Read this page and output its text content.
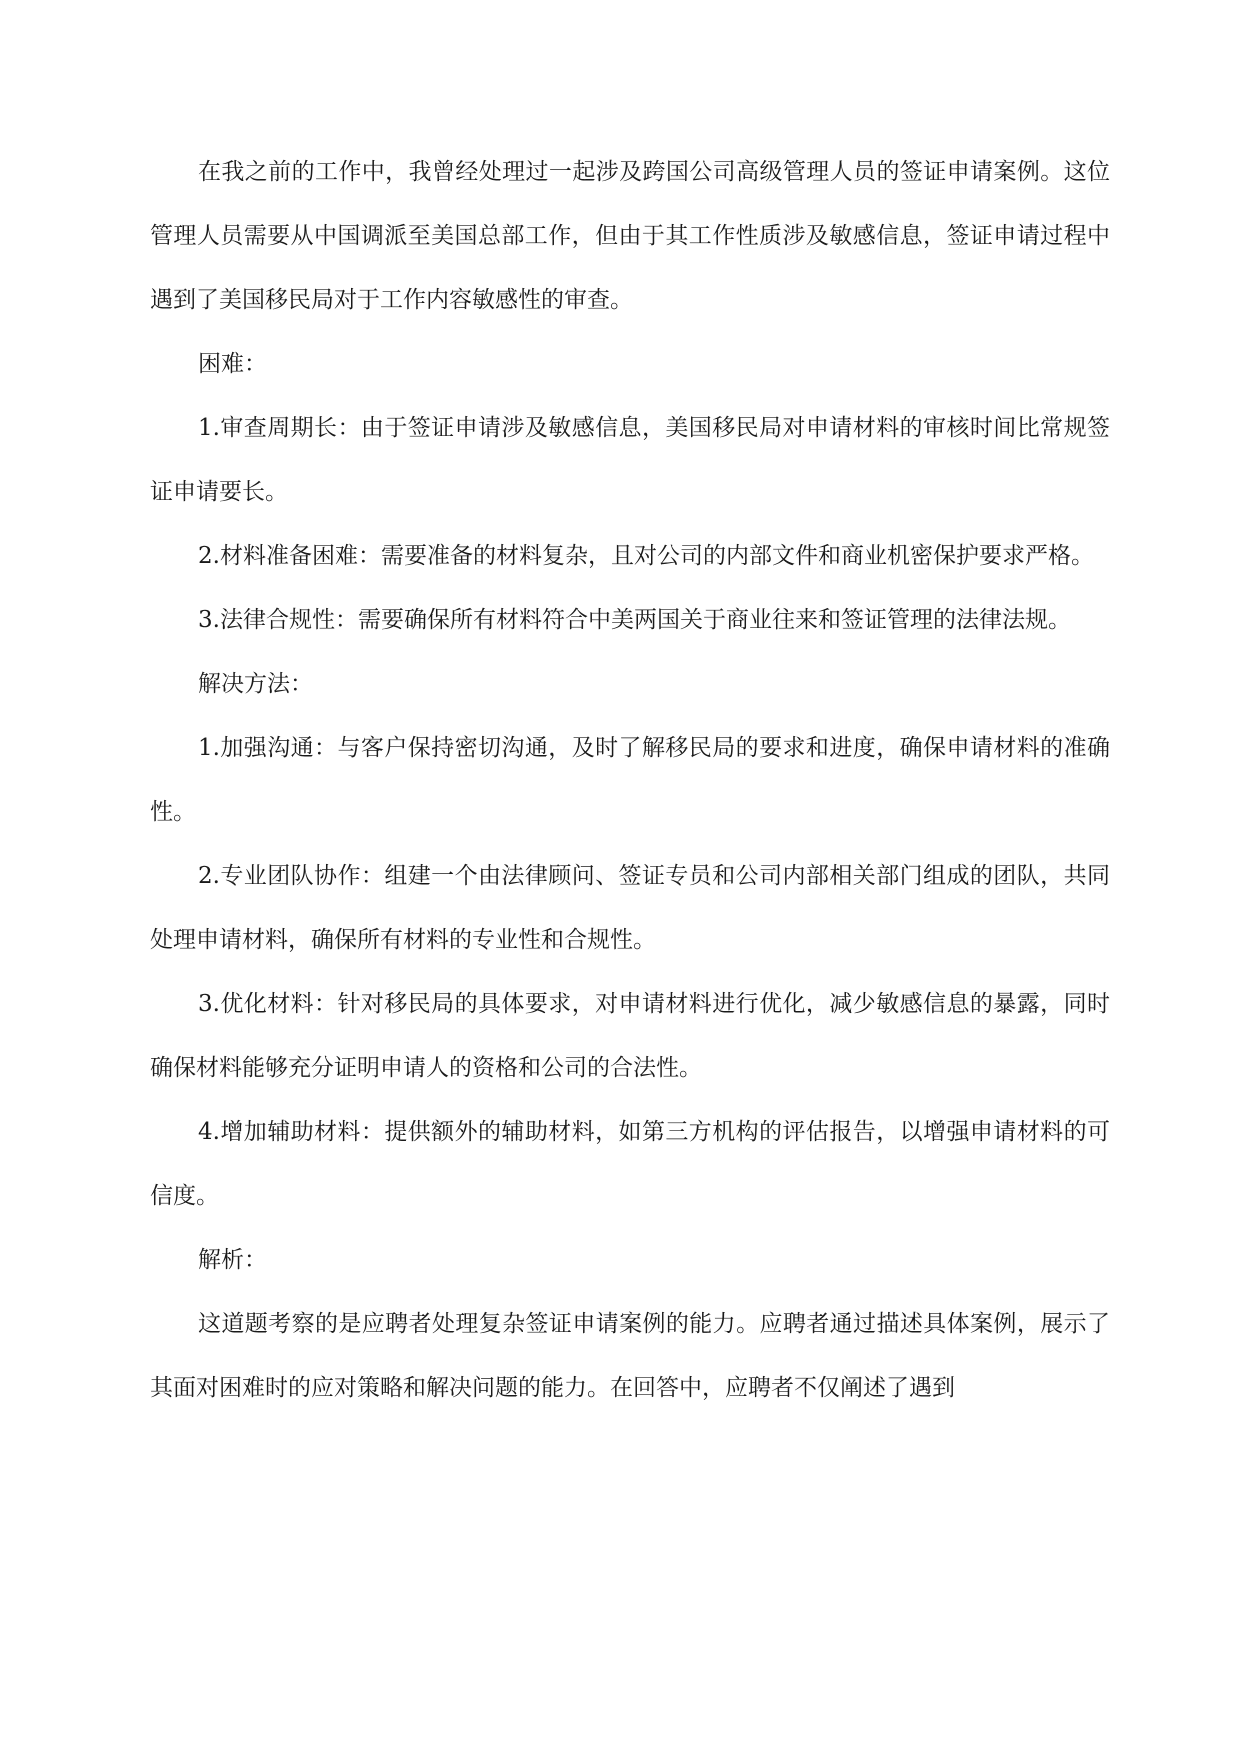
在我之前的工作中，我曾经处理过一起涉及跨国公司高级管理人员的签证申请案例。这位管理人员需要从中国调派至美国总部工作，但由于其工作性质涉及敏感信息，签证申请过程中遇到了美国移民局对于工作内容敏感性的审查。

困难：

1.审查周期长：由于签证申请涉及敏感信息，美国移民局对申请材料的审核时间比常规签证申请要长。

2.材料准备困难：需要准备的材料复杂，且对公司的内部文件和商业机密保护要求严格。

3.法律合规性：需要确保所有材料符合中美两国关于商业往来和签证管理的法律法规。

解决方法：

1.加强沟通：与客户保持密切沟通，及时了解移民局的要求和进度，确保申请材料的准确性。

2.专业团队协作：组建一个由法律顾问、签证专员和公司内部相关部门组成的团队，共同处理申请材料，确保所有材料的专业性和合规性。

3.优化材料：针对移民局的具体要求，对申请材料进行优化，减少敏感信息的暴露，同时确保材料能够充分证明申请人的资格和公司的合法性。

4.增加辅助材料：提供额外的辅助材料，如第三方机构的评估报告，以增强申请材料的可信度。

解析：

这道题考察的是应聘者处理复杂签证申请案例的能力。应聘者通过描述具体案例，展示了其面对困难时的应对策略和解决问题的能力。在回答中，应聘者不仅阐述了遇到
